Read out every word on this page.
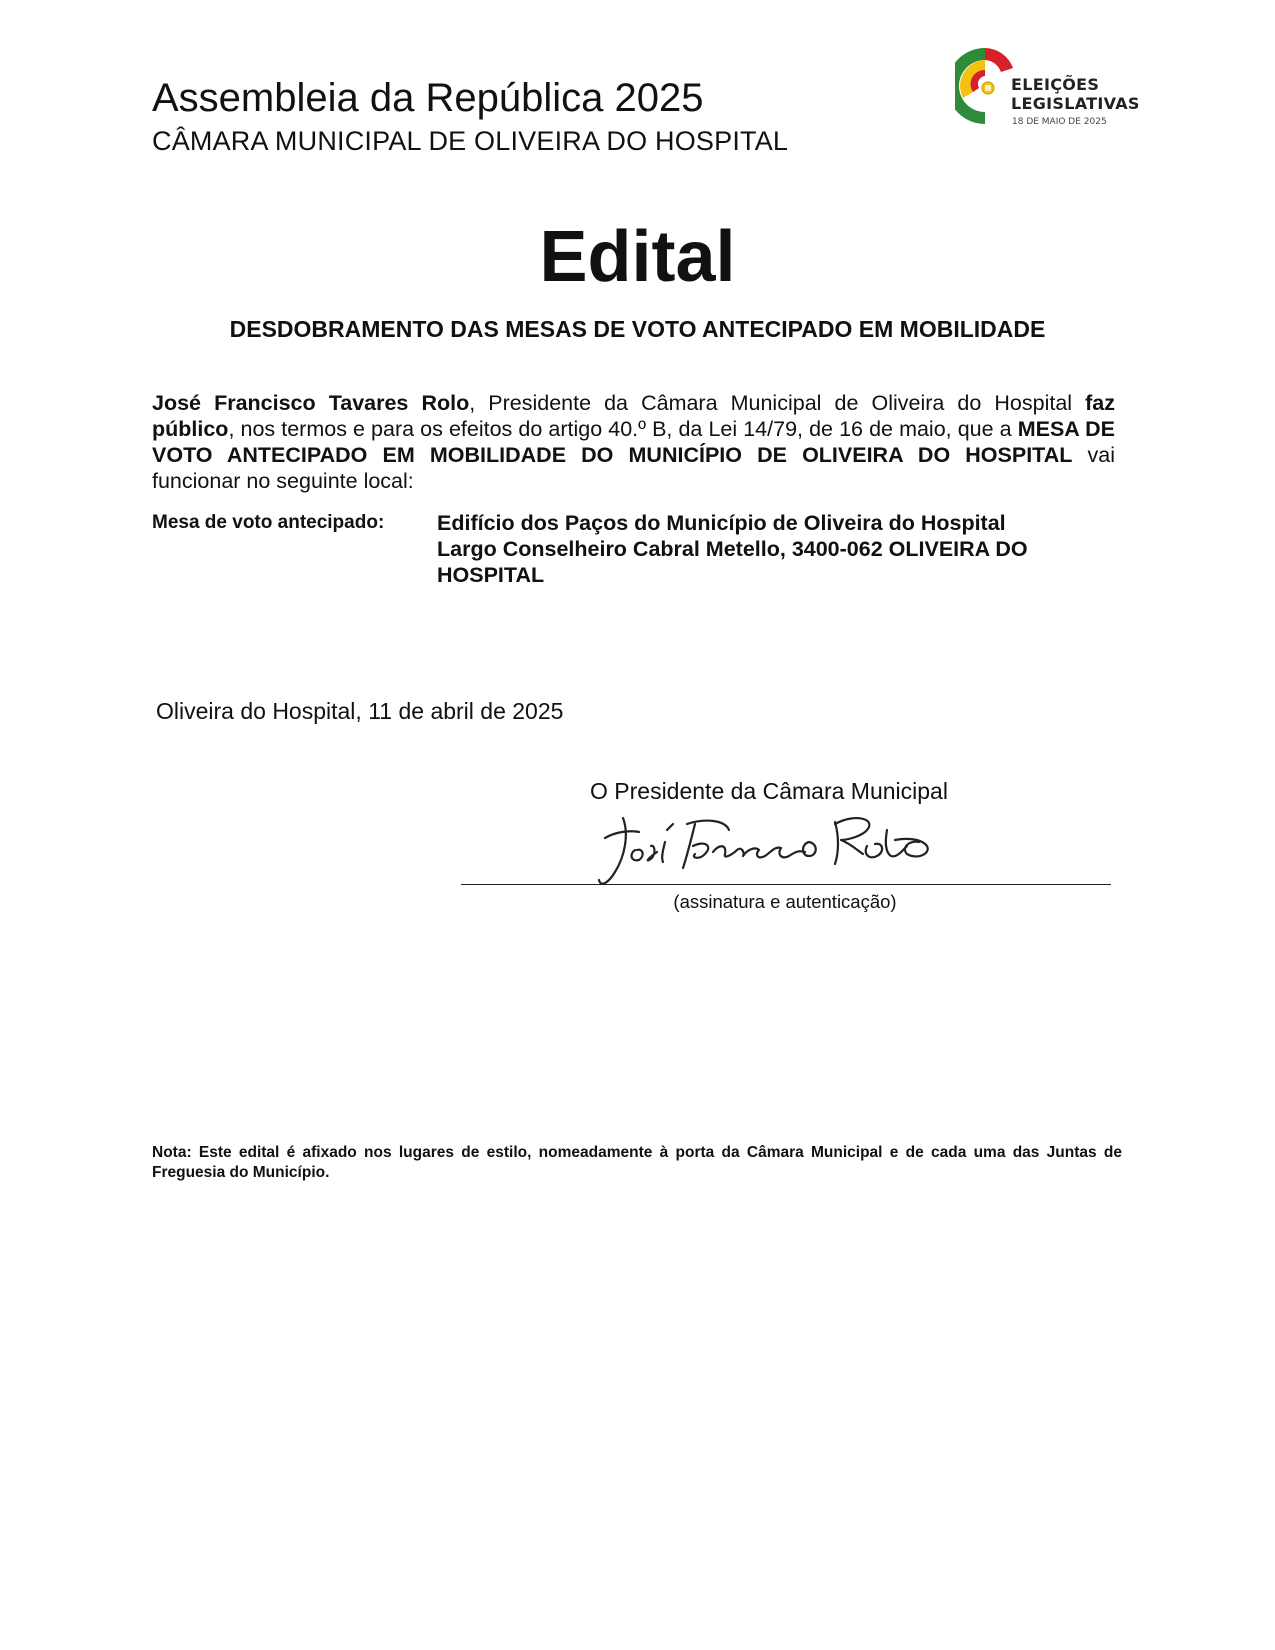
Assembleia da República 2025
CÂMARA MUNICIPAL DE OLIVEIRA DO HOSPITAL
ELEIÇÕES
LEGISLATIVAS
18 DE MAIO DE 2025
Edital
DESDOBRAMENTO DAS MESAS DE VOTO ANTECIPADO EM MOBILIDADE
José Francisco Tavares Rolo, Presidente da Câmara Municipal de Oliveira do Hospital faz público, nos termos e para os efeitos do artigo 40.º B, da Lei 14/79, de 16 de maio, que a MESA DE VOTO ANTECIPADO EM MOBILIDADE DO MUNICÍPIO DE OLIVEIRA DO HOSPITAL vai funcionar no seguinte local:
Mesa de voto antecipado: Edifício dos Paços do Município de Oliveira do Hospital
Largo Conselheiro Cabral Metello, 3400-062 OLIVEIRA DO HOSPITAL
Oliveira do Hospital, 11 de abril de 2025
O Presidente da Câmara Municipal
(assinatura e autenticação)
Nota: Este edital é afixado nos lugares de estilo, nomeadamente à porta da Câmara Municipal e de cada uma das Juntas de Freguesia do Município.
